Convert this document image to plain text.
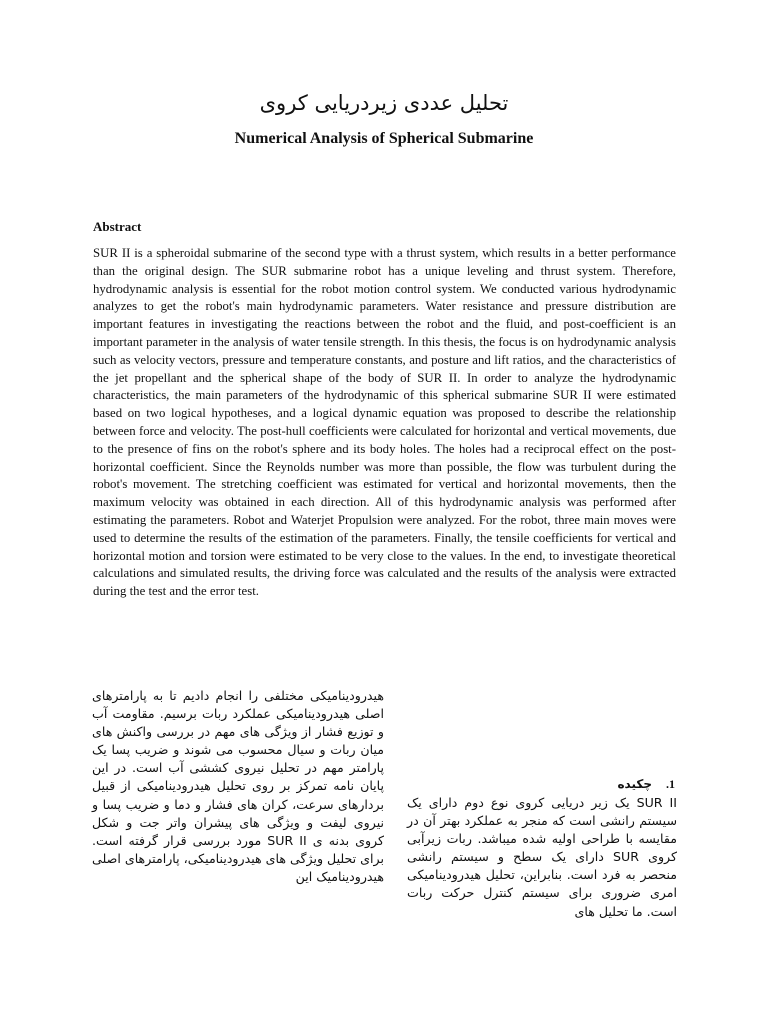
تحلیل عددی زیردریایی کروی
Numerical Analysis of Spherical Submarine
Abstract
SUR II is a spheroidal submarine of the second type with a thrust system, which results in a better performance than the original design. The SUR submarine robot has a unique leveling and thrust system. Therefore, hydrodynamic analysis is essential for the robot motion control system. We conducted various hydrodynamic analyzes to get the robot's main hydrodynamic parameters. Water resistance and pressure distribution are important features in investigating the reactions between the robot and the fluid, and post-coefficient is an important parameter in the analysis of water tensile strength. In this thesis, the focus is on hydrodynamic analysis such as velocity vectors, pressure and temperature constants, and posture and lift ratios, and the characteristics of the jet propellant and the spherical shape of the body of SUR II. In order to analyze the hydrodynamic characteristics, the main parameters of the hydrodynamic of this spherical submarine SUR II were estimated based on two logical hypotheses, and a logical dynamic equation was proposed to describe the relationship between force and velocity. The post-hull coefficients were calculated for horizontal and vertical movements, due to the presence of fins on the robot's sphere and its body holes. The holes had a reciprocal effect on the post-horizontal coefficient. Since the Reynolds number was more than possible, the flow was turbulent during the robot's movement. The stretching coefficient was estimated for vertical and horizontal movements, then the maximum velocity was obtained in each direction. All of this hydrodynamic analysis was performed after estimating the parameters. Robot and Waterjet Propulsion were analyzed. For the robot, three main moves were used to determine the results of the estimation of the parameters. Finally, the tensile coefficients for vertical and horizontal motion and torsion were estimated to be very close to the values. In the end, to investigate theoretical calculations and simulated results, the driving force was calculated and the results of the analysis were extracted during the test and the error test.
هیدرودینامیکی مختلفی را انجام دادیم تا به پارامترهای اصلی هیدرودینامیکی عملکرد ربات برسیم. مقاومت آب و توزیع فشار از ویژگی های مهم در بررسی واکنش های میان ربات و سیال محسوب می شوند و ضریب پسا یک پارامتر مهم در تحلیل نیروی کششی آب است. در این پایان نامه تمرکز بر روی تحلیل هیدرودینامیکی از قبیل بردارهای سرعت، کران های فشار و دما و ضریب پسا و نیروی لیفت و ویژگی های پیشران واتر جت و شکل کروی بدنه ی SUR II مورد بررسی قرار گرفته است. برای تحلیل ویژگی های هیدرودینامیکی، پارامترهای اصلی هیدرودینامیک این
1.چکیده
SUR II یک زیر دریایی کروی نوع دوم دارای یک سیستم رانشی است که منجر به عملکرد بهتر آن در مقایسه با طراحی اولیه شده میباشد. ربات زیرآبی کروی SUR دارای یک سطح و سیستم رانشی منحصر به فرد است. بنابراین، تحلیل هیدرودینامیکی امری ضروری برای سیستم کنترل حرکت ربات است. ما تحلیل های
